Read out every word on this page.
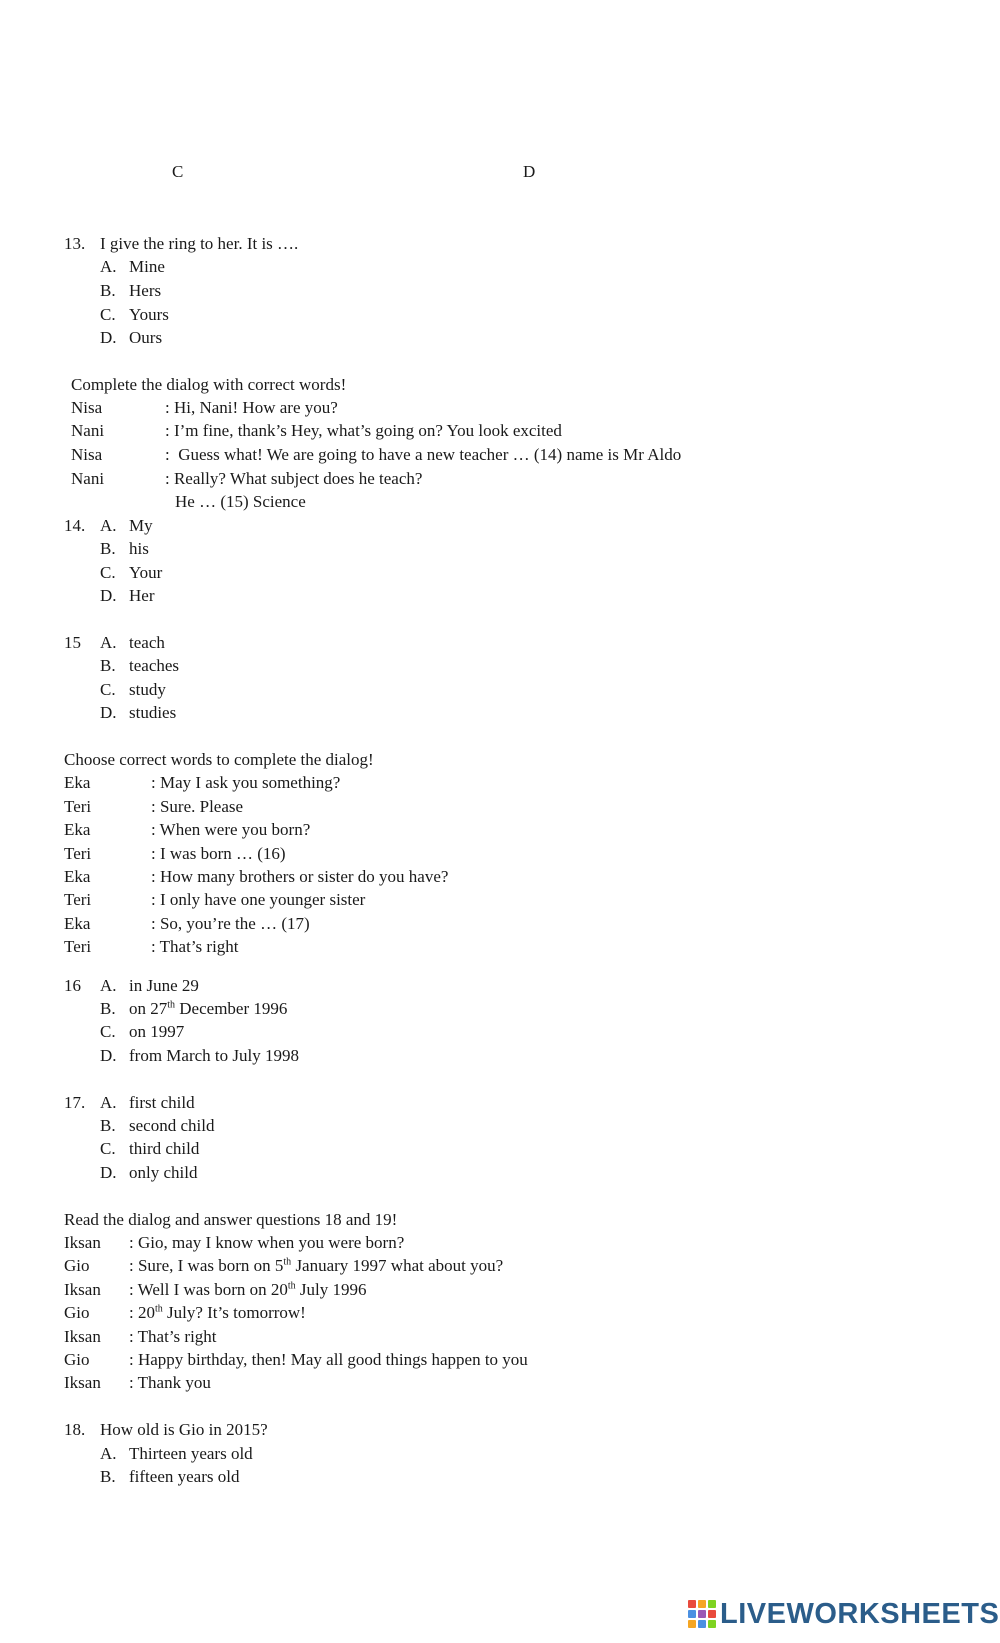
C	D
13. I give the ring to her. It is ….
A. Mine
B. Hers
C. Yours
D. Ours
Complete the dialog with correct words!
Nisa	: Hi, Nani! How are you?
Nani	: I’m fine, thank’s Hey, what’s going on? You look excited
Nisa	:  Guess what! We are going to have a new teacher … (14) name is Mr Aldo
Nani	: Really? What subject does he teach?
He … (15) Science
14. A. My
B. his
C. Your
D. Her
15 A. teach
B. teaches
C. study
D. studies
Choose correct words to complete the dialog!
Eka	: May I ask you something?
Teri	: Sure. Please
Eka	: When were you born?
Teri	: I was born … (16)
Eka	: How many brothers or sister do you have?
Teri	: I only have one younger sister
Eka	: So, you’re the … (17)
Teri	: That’s right
16 A. in June 29
B. on 27th December 1996
C. on 1997
D. from March to July 1998
17. A. first child
B. second child
C. third child
D. only child
Read the dialog and answer questions 18 and 19!
Iksan : Gio, may I know when you were born?
Gio : Sure, I was born on 5th January 1997 what about you?
Iksan : Well I was born on 20th July 1996
Gio : 20th July? It’s tomorrow!
Iksan : That’s right
Gio : Happy birthday, then! May all good things happen to you
Iksan : Thank you
18. How old is Gio in 2015?
A. Thirteen years old
B. fifteen years old
LIVEWORKSHEETS
